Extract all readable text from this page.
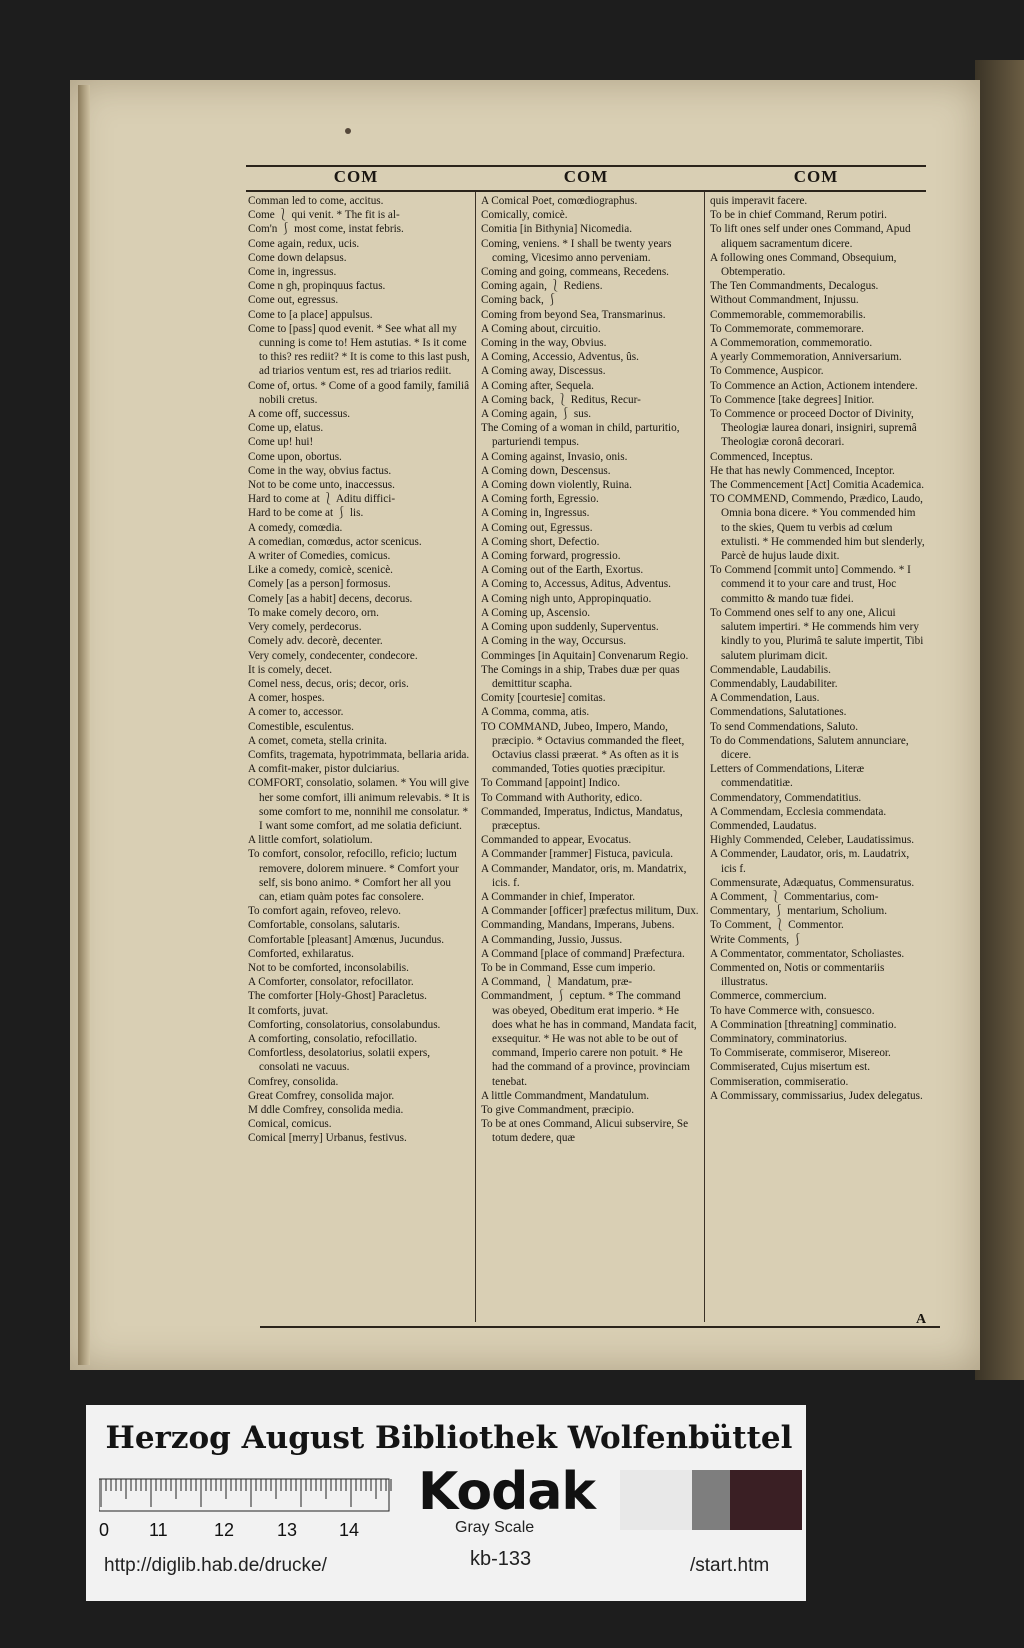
COM	COM	COM

Comman led to come, accitus.

Come ⎱ qui venit. * The fit is al-

Com'n ⎰ most come, instat febris.

Come again, redux, ucis.

Come down delapsus.

Come in, ingressus.

Come n gh, propinquus factus.

Come out, egressus.

Come to [a place] appulsus.

Come to [pass] quod evenit. * See what all my cunning is come to! Hem astutias. * Is it come to this? res rediit? * It is come to this last push, ad triarios ventum est, res ad triarios rediit.

Come of, ortus. * Come of a good family, familiâ nobili cretus.

A come off, successus.

Come up, elatus.

Come up! hui!

Come upon, obortus.

Come in the way, obvius factus.

Not to be come unto, inaccessus.

Hard to come at ⎱ Aditu diffici-

Hard to be come at ⎰ lis.

A comedy, comœdia.

A comedian, comœdus, actor scenicus.

A writer of Comedies, comicus.

Like a comedy, comicè, scenicè.

Comely [as a person] formosus.

Comely [as a habit] decens, decorus.

To make comely decoro, orn.

Very comely, perdecorus.

Comely adv. decorè, decenter.

Very comely, condecenter, condecore.

It is comely, decet.

Comel ness, decus, oris; decor, oris.

A comer, hospes.

A comer to, accessor.

Comestible, esculentus.

A comet, cometa, stella crinita.

Comfits, tragemata, hypotrimmata, bellaria arida.

A comfit-maker, pistor dulciarius.

COMFORT, consolatio, solamen. * You will give her some comfort, illi animum relevabis. * It is some comfort to me, nonnihil me consolatur. * I want some comfort, ad me solatia deficiunt.

A little comfort, solatiolum.

To comfort, consolor, refocillo, reficio; luctum removere, dolorem minuere. * Comfort your self, sis bono animo. * Comfort her all you can, etiam quàm potes fac consolere.

To comfort again, refoveo, relevo.

Comfortable, consolans, salutaris.

Comfortable [pleasant] Amœnus, Jucundus.

Comforted, exhilaratus.

Not to be comforted, inconsolabilis.

A Comforter, consolator, refocillator.

The comforter [Holy-Ghost] Paracletus.

It comforts, juvat.

Comforting, consolatorius, consolabundus.

A comforting, consolatio, refocillatio.

Comfortless, desolatorius, solatii expers, consolati ne vacuus.

Comfrey, consolida.

Great Comfrey, consolida major.

M ddle Comfrey, consolida media.

Comical, comicus.

Comical [merry] Urbanus, festivus.

A Comical Poet, comœdiographus.

Comically, comicè.

Comitia [in Bithynia] Nicomedia.

Coming, veniens. * I shall be twenty years coming, Vicesimo anno perveniam.

Coming and going, commeans, Recedens.

Coming again, ⎱ Rediens.

Coming back, ⎰

Coming from beyond Sea, Transmarinus.

A Coming about, circuitio.

Coming in the way, Obvius.

A Coming, Accessio, Adventus, ûs.

A Coming away, Discessus.

A Coming after, Sequela.

A Coming back, ⎱ Reditus, Recur-

A Coming again, ⎰ sus.

The Coming of a woman in child, parturitio, parturiendi tempus.

A Coming against, Invasio, onis.

A Coming down, Descensus.

A Coming down violently, Ruina.

A Coming forth, Egressio.

A Coming in, Ingressus.

A Coming out, Egressus.

A Coming short, Defectio.

A Coming forward, progressio.

A Coming out of the Earth, Exortus.

A Coming to, Accessus, Aditus, Adventus.

A Coming nigh unto, Appropinquatio.

A Coming up, Ascensio.

A Coming upon suddenly, Superventus.

A Coming in the way, Occursus.

Comminges [in Aquitain] Convenarum Regio.

The Comings in a ship, Trabes duæ per quas demittitur scapha.

Comity [courtesie] comitas.

A Comma, comma, atis.

TO COMMAND, Jubeo, Impero, Mando, præcipio. * Octavius commanded the fleet, Octavius classi præerat. * As often as it is commanded, Toties quoties præcipitur.

To Command [appoint] Indico.

To Command with Authority, edico.

Commanded, Imperatus, Indictus, Mandatus, præceptus.

Commanded to appear, Evocatus.

A Commander [rammer] Fistuca, pavicula.

A Commander, Mandator, oris, m. Mandatrix, icis. f.

A Commander in chief, Imperator.

A Commander [officer] præfectus militum, Dux.

Commanding, Mandans, Imperans, Jubens.

A Commanding, Jussio, Jussus.

A Command [place of command] Præfectura.

To be in Command, Esse cum imperio.

A Command, ⎱ Mandatum, præ-

Commandment, ⎰ ceptum. * The command was obeyed, Obeditum erat imperio. * He does what he has in command, Mandata facit, exsequitur. * He was not able to be out of command, Imperio carere non potuit. * He had the command of a province, provinciam tenebat.

A little Commandment, Mandatulum.

To give Commandment, præcipio.

To be at ones Command, Alicui subservire, Se totum dedere, quæ

quis imperavit facere.

To be in chief Command, Rerum potiri.

To lift ones self under ones Command, Apud aliquem sacramentum dicere.

A following ones Command, Obsequium, Obtemperatio.

The Ten Commandments, Decalogus.

Without Commandment, Injussu.

Commemorable, commemorabilis.

To Commemorate, commemorare.

A Commemoration, commemoratio.

A yearly Commemoration, Anniversarium.

To Commence, Auspicor.

To Commence an Action, Actionem intendere.

To Commence [take degrees] Initior.

To Commence or proceed Doctor of Divinity, Theologiæ laurea donari, insigniri, supremâ Theologiæ coronâ decorari.

Commenced, Inceptus.

He that has newly Commenced, Inceptor.

The Commencement [Act] Comitia Academica.

TO COMMEND, Commendo, Prædico, Laudo, Omnia bona dicere. * You commended him to the skies, Quem tu verbis ad cœlum extulisti. * He commended him but slenderly, Parcè de hujus laude dixit.

To Commend [commit unto] Commendo. * I commend it to your care and trust, Hoc committo & mando tuæ fidei.

To Commend ones self to any one, Alicui salutem impertiri. * He commends him very kindly to you, Plurimâ te salute impertit, Tibi salutem plurimam dicit.

Commendable, Laudabilis.

Commendably, Laudabiliter.

A Commendation, Laus.

Commendations, Salutationes.

To send Commendations, Saluto.

To do Commendations, Salutem annunciare, dicere.

Letters of Commendations, Literæ commendatitiæ.

Commendatory, Commendatitius.

A Commendam, Ecclesia commendata.

Commended, Laudatus.

Highly Commended, Celeber, Laudatissimus.

A Commender, Laudator, oris, m. Laudatrix, icis f.

Commensurate, Adæquatus, Commensuratus.

A Comment, ⎱ Commentarius, com-

Commentary, ⎰ mentarium, Scholium.

To Comment, ⎱ Commentor.

Write Comments, ⎰

A Commentator, commentator, Scholiastes.

Commented on, Notis or commentariis illustratus.

Commerce, commercium.

To have Commerce with, consuesco.

A Commination [threatning] comminatio.

Comminatory, comminatorius.

To Commiserate, commiseror, Misereor.

Commiserated, Cujus misertum est.

Commiseration, commiseratio.

A Commissary, commissarius, Judex delegatus.

A
Herzog August Bibliothek Wolfenbüttel
0 11	12 13 14
Kodak
Gray Scale
http://diglib.hab.de/drucke/	kb-133	/start.htm
